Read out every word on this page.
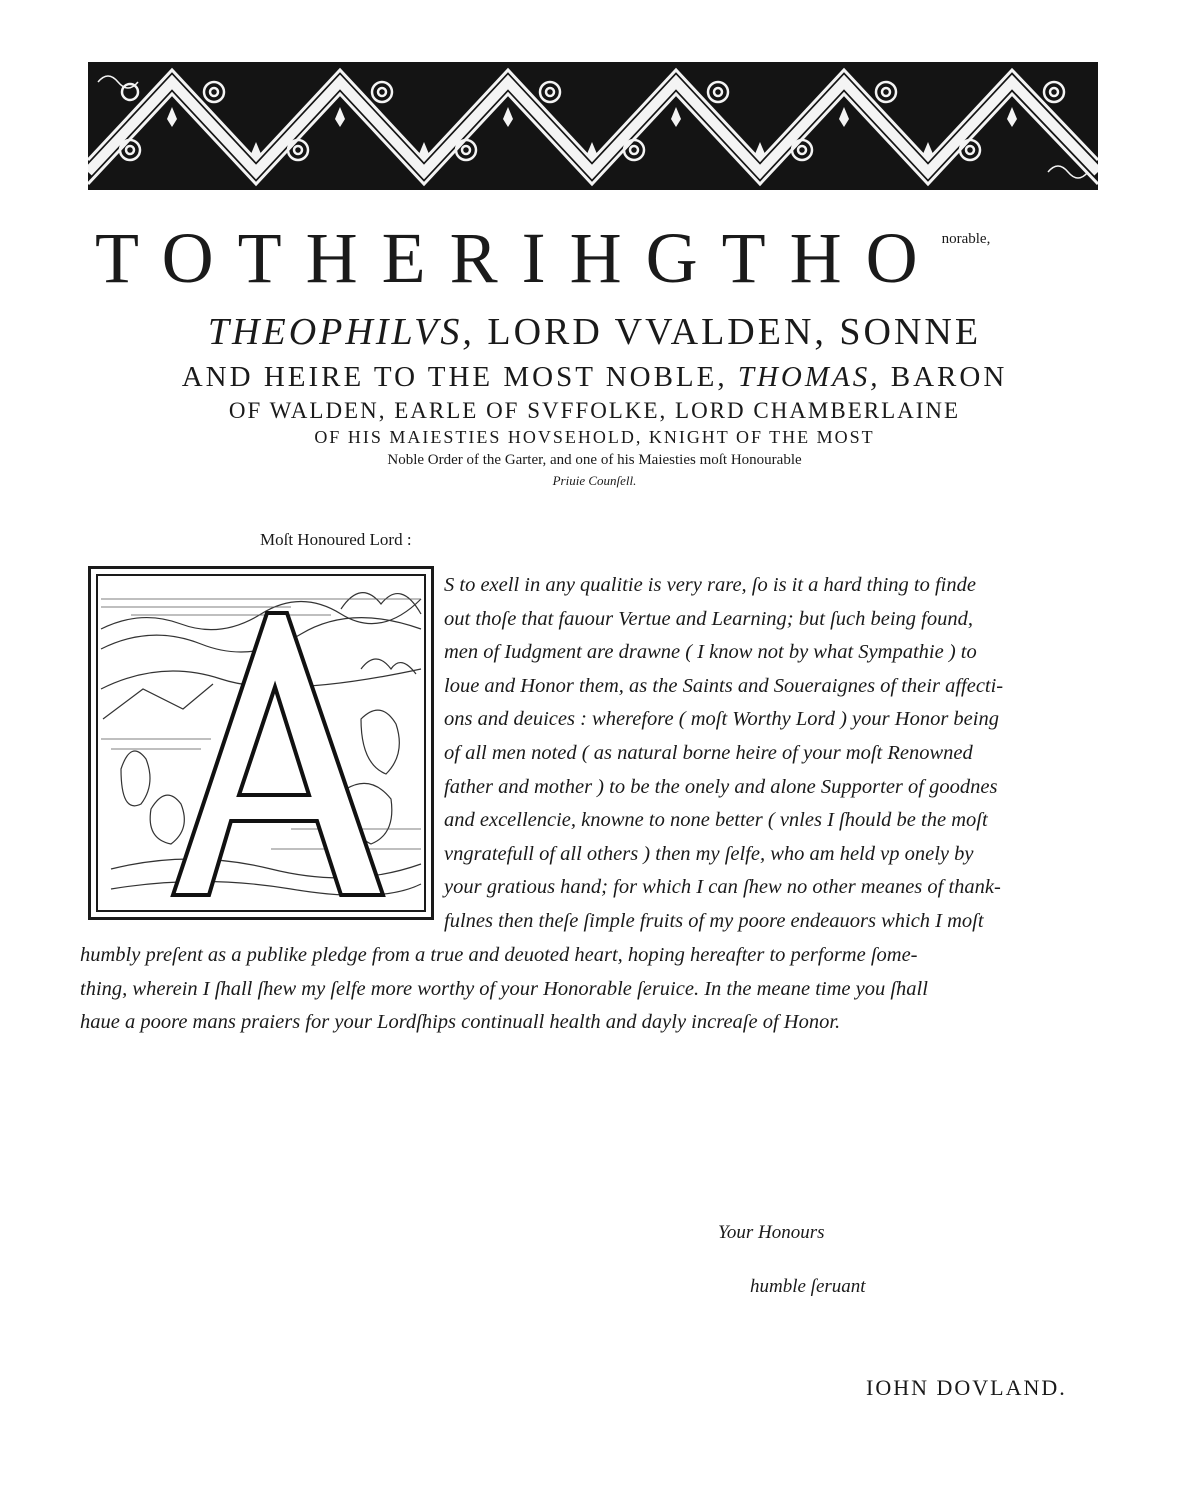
$TOTHERIHGTHO^{norable,}$
THEOPHILVS, LORD VVALDEN, SONNE
AND HEIRE TO THE MOST NOBLE, THOMAS, BARON
OF WALDEN, EARLE OF SVFFOLKE, LORD CHAMBERLAINE
OF HIS MAIESTIES HOVSEHOLD, KNIGHT OF THE MOST
Noble Order of the Garter, and one of his Maiesties moſt Honourable
Priuie Counſell.
Moſt Honoured Lord :
A
S to exell in any qualitie is very rare, ſo is it a hard thing to finde
out thoſe that fauour Vertue and Learning; but ſuch being found,
men of Iudgment are drawne ( I know not by what Sympathie ) to
loue and Honor them, as the Saints and Soueraignes of their affecti-
ons and deuices : wherefore ( moſt Worthy Lord ) your Honor being
of all men noted ( as natural borne heire of your moſt Renowned
father and mother ) to be the onely and alone Supporter of goodnes
and excellencie, knowne to none better ( vnles I ſhould be the moſt
vngratefull of all others ) then my ſelfe, who am held vp onely by
your gratious hand; for which I can ſhew no other meanes of thank-
fulnes then theſe ſimple fruits of my poore endeauors which I moſt
humbly preſent as a publike pledge from a true and deuoted heart, hoping hereafter to performe ſome-
thing, wherein I ſhall ſhew my ſelfe more worthy of your Honorable ſeruice. In the meane time you ſhall
haue a poore mans praiers for your Lordſhips continuall health and dayly increaſe of Honor.
Your Honours
humble ſeruant
IOHN DOVLAND.
